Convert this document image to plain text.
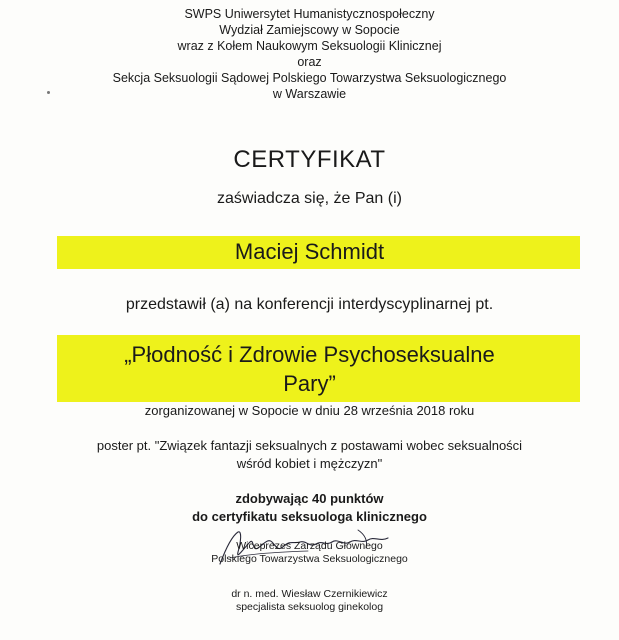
SWPS Uniwersytet Humanistycznospołeczny
Wydział Zamiejscowy w Sopocie
wraz z Kołem Naukowym Seksuologii Klinicznej
oraz
Sekcja Seksuologii Sądowej Polskiego Towarzystwa Seksuologicznego
w Warszawie
CERTYFIKAT
zaświadcza się, że Pan (i)
Maciej Schmidt
przedstawił (a) na konferencji interdyscyplinarnej pt.
„Płodność i Zdrowie Psychoseksualne
Pary”
zorganizowanej w Sopocie w dniu 28 września 2018 roku
poster pt. "Związek fantazji seksualnych z postawami wobec seksualności
wśród kobiet i mężczyzn"
zdobywając 40 punktów
do certyfikatu seksuologa klinicznego
Wiceprezes Zarządu Głównego
Polskiego Towarzystwa Seksuologicznego
dr n. med. Wiesław Czernikiewicz
specjalista seksuolog ginekolog
